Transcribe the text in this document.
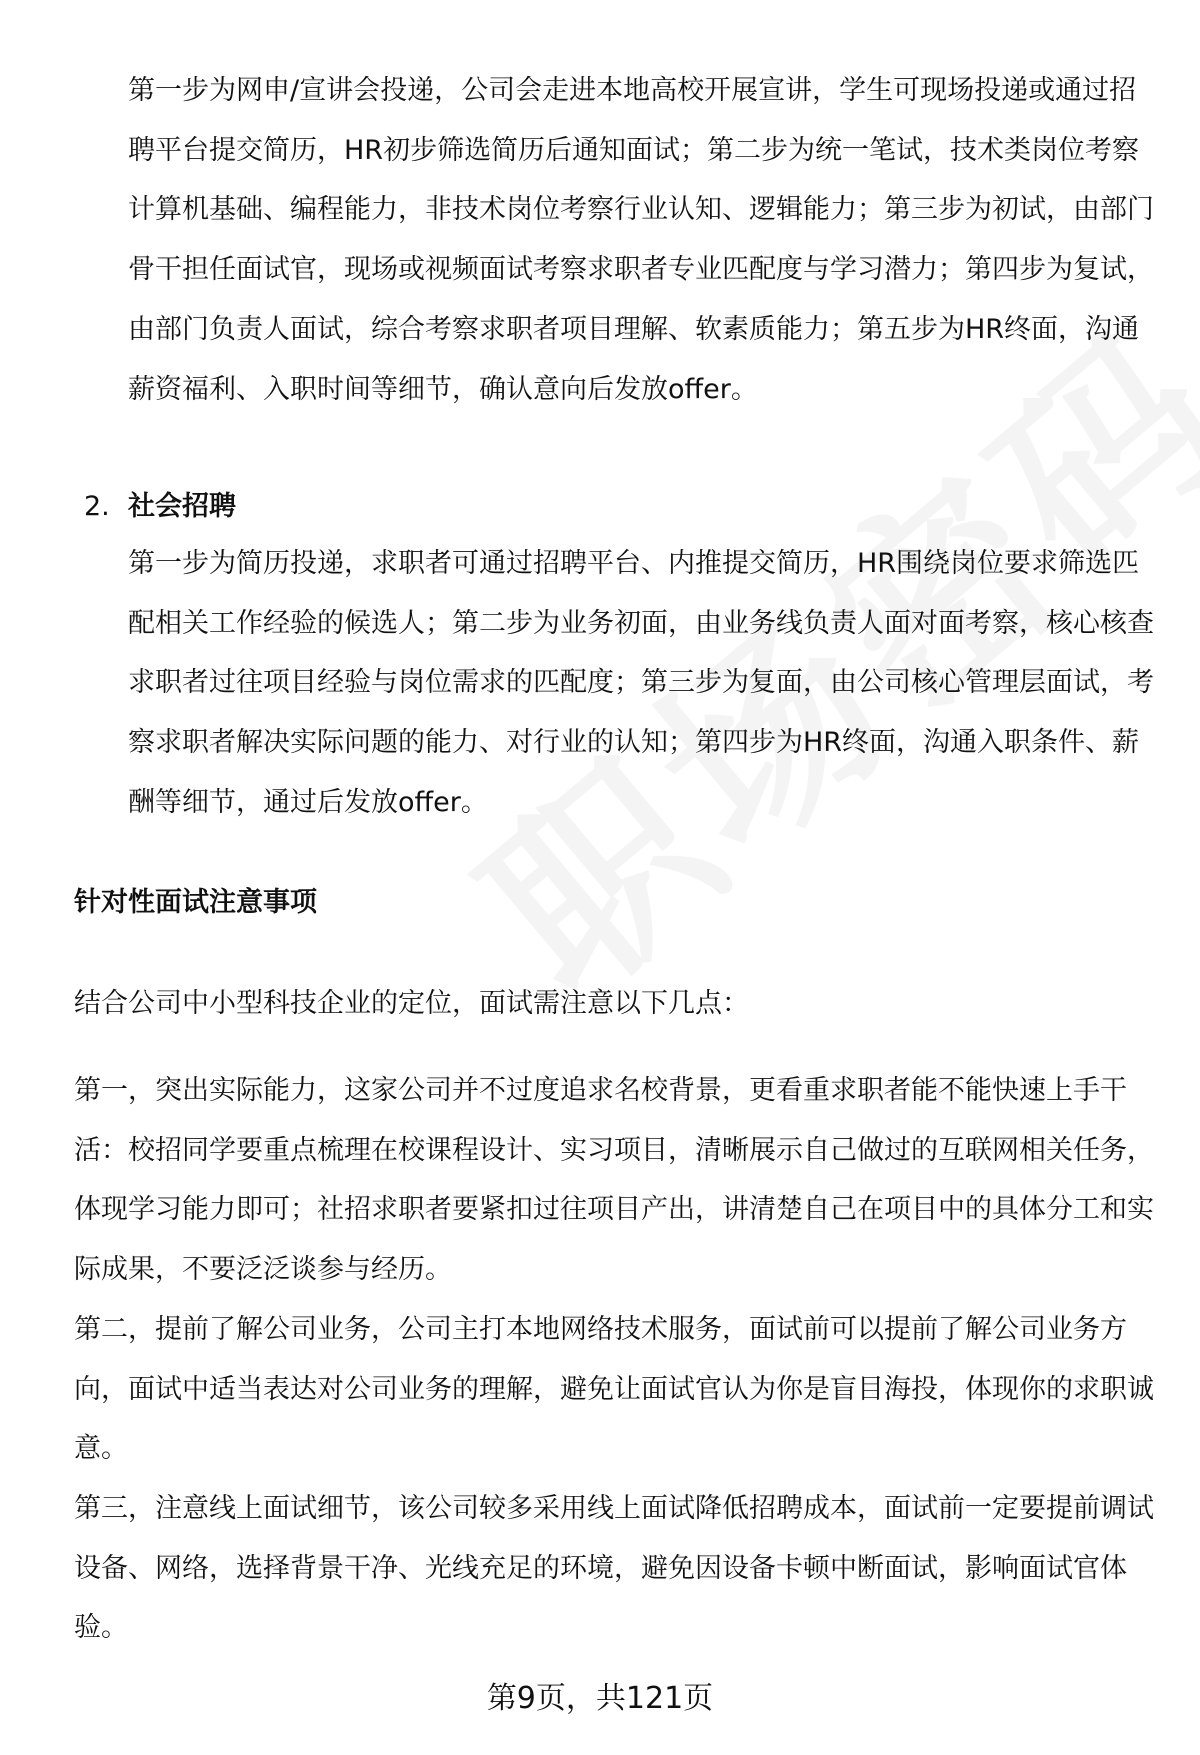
第一步为网申/宣讲会投递，公司会走进本地高校开展宣讲，学生可现场投递或通过招聘平台提交简历，HR初步筛选简历后通知面试；第二步为统一笔试，技术类岗位考察计算机基础、编程能力，非技术岗位考察行业认知、逻辑能力；第三步为初试，由部门骨干担任面试官，现场或视频面试考察求职者专业匹配度与学习潜力；第四步为复试，由部门负责人面试，综合考察求职者项目理解、软素质能力；第五步为HR终面，沟通薪资福利、入职时间等细节，确认意向后发放offer。

2. 社会招聘

第一步为简历投递，求职者可通过招聘平台、内推提交简历，HR围绕岗位要求筛选匹配相关工作经验的候选人；第二步为业务初面，由业务线负责人面对面考察，核心核查求职者过往项目经验与岗位需求的匹配度；第三步为复面，由公司核心管理层面试，考察求职者解决实际问题的能力、对行业的认知；第四步为HR终面，沟通入职条件、薪酬等细节，通过后发放offer。

针对性面试注意事项

结合公司中小型科技企业的定位，面试需注意以下几点：

第一，突出实际能力，这家公司并不过度追求名校背景，更看重求职者能不能快速上手干活：校招同学要重点梳理在校课程设计、实习项目，清晰展示自己做过的互联网相关任务，体现学习能力即可；社招求职者要紧扣过往项目产出，讲清楚自己在项目中的具体分工和实际成果，不要泛泛谈参与经历。

第二，提前了解公司业务，公司主打本地网络技术服务，面试前可以提前了解公司业务方向，面试中适当表达对公司业务的理解，避免让面试官认为你是盲目海投，体现你的求职诚意。

第三，注意线上面试细节，该公司较多采用线上面试降低招聘成本，面试前一定要提前调试设备、网络，选择背景干净、光线充足的环境，避免因设备卡顿中断面试，影响面试官体验。

第9页，共121页
